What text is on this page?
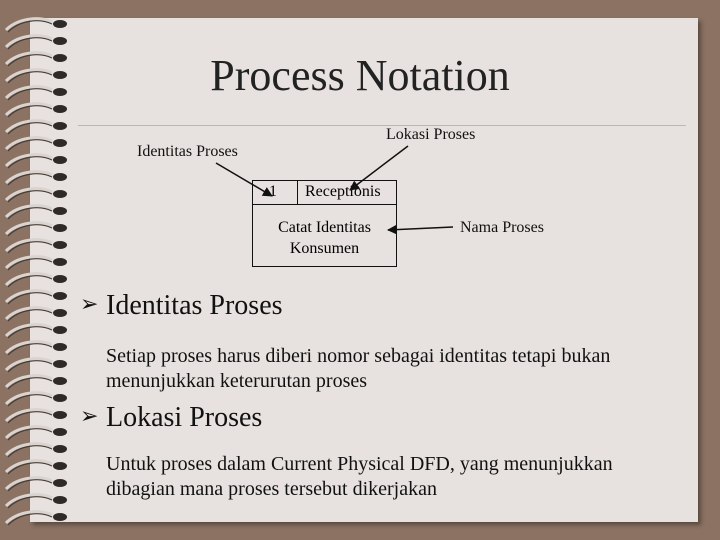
Process Notation
Identitas Proses
Lokasi Proses
Nama Proses
1 Receptionis
Catat Identitas
Konsumen
➢ Identitas Proses
Setiap proses harus diberi nomor sebagai identitas tetapi bukan
menunjukkan keterurutan proses
➢ Lokasi Proses
Untuk proses dalam Current Physical DFD, yang menunjukkan
dibagian mana proses tersebut dikerjakan
